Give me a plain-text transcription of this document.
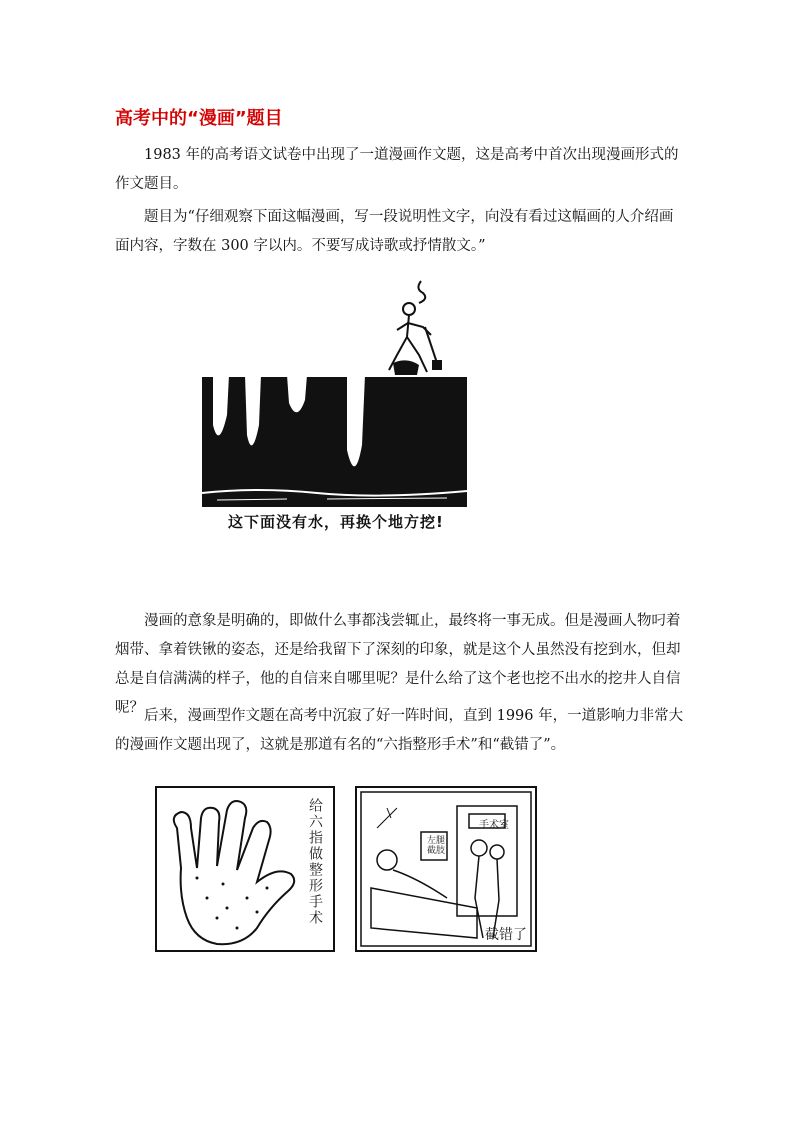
高考中的“漫画”题目

1983 年的高考语文试卷中出现了一道漫画作文题，这是高考中首次出现漫画形式的作文题目。

题目为“仔细观察下面这幅漫画，写一段说明性文字，向没有看过这幅画的人介绍画面内容，字数在 300 字以内。不要写成诗歌或抒情散文。”

这下面没有水，再换个地方挖!

漫画的意象是明确的，即做什么事都浅尝辄止，最终将一事无成。但是漫画人物叼着烟带、拿着铁锹的姿态，还是给我留下了深刻的印象，就是这个人虽然没有挖到水，但却总是自信满满的样子，他的自信来自哪里呢？是什么给了这个老也挖不出水的挖井人自信呢？ 后来，漫画型作文题在高考中沉寂了好一阵时间，直到 1996 年，一道影响力非常大的漫画作文题出现了，这就是那道有名的“六指整形手术”和“截错了”。

给六指做整形手术	手术室
左腿截肢
截错了
